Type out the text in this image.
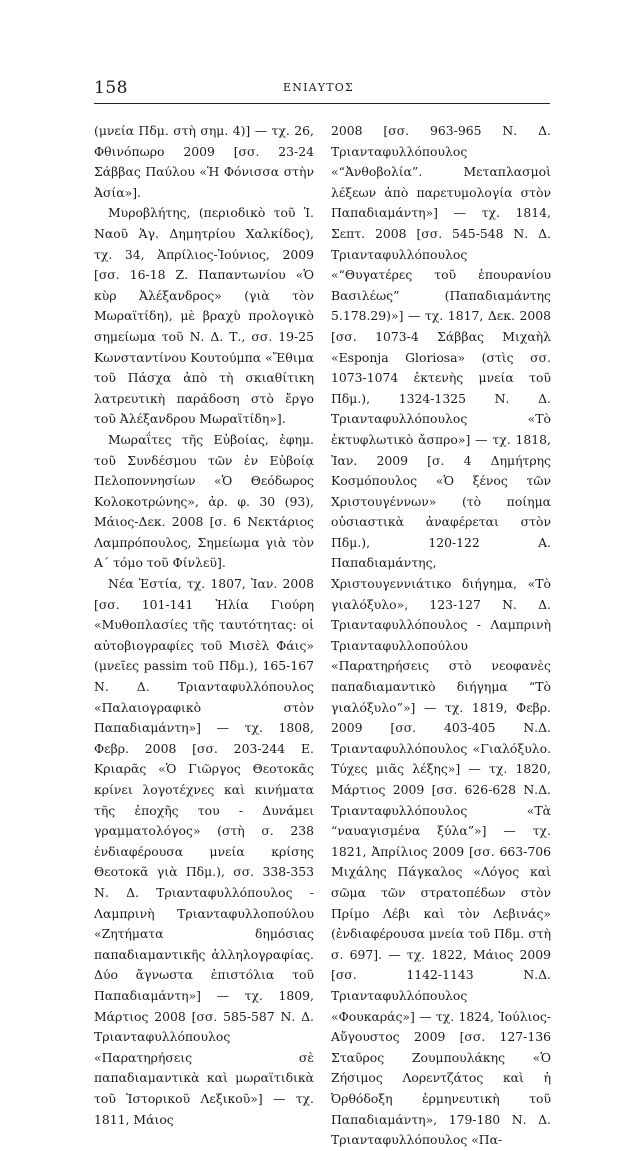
158	ΕΝΙΑΥΤΟΣ

(μνεία Πδμ. στὴ σημ. 4)] — τχ. 26, Φθινόπωρο 2009 [σσ. 23-24 Σάββας Παύλου «Ἡ Φόνισσα στὴν Ἀσία»].

Μυροβλήτης, (περιοδικὸ τοῦ Ἱ. Ναοῦ Ἁγ. Δημητρίου Χαλκίδος), τχ. 34, Ἀπρίλιος-Ἰούνιος, 2009 [σσ. 16-18 Ζ. Παπαντωνίου «Ὁ κὺρ Ἀλέξανδρος» (γιὰ τὸν Μωραϊτίδη), μὲ βραχὺ προλογικὸ σημείωμα τοῦ Ν. Δ. Τ., σσ. 19-25 Κωνσταντίνου Κουτούμπα «Ἔθιμα τοῦ Πάσχα ἀπὸ τὴ σκιαθίτικη λατρευτικὴ παράδοση στὸ ἔργο τοῦ Ἀλέξανδρου Μωραϊτίδη»].

Μωραΐτες τῆς Εὐβοίας, ἐφημ. τοῦ Συνδέσμου τῶν ἐν Εὐβοίᾳ Πελοποννησίων «Ὁ Θεόδωρος Κολοκοτρώνης», ἀρ. φ. 30 (93), Μάιος-Δεκ. 2008 [σ. 6 Νεκτάριος Λαμπρόπουλος, Σημείωμα γιὰ τὸν Α΄ τόμο τοῦ Φίνλεϋ].

Νέα Ἑστία, τχ. 1807, Ἰαν. 2008 [σσ. 101-141 Ἠλία Γιούρη «Μυθοπλασίες τῆς ταυτότητας: οἱ αὐτοβιογραφίες τοῦ Μισὲλ Φάις» (μνεῖες passim τοῦ Πδμ.), 165-167 Ν. Δ. Τριανταφυλλόπουλος «Παλαιογραφικὸ στὸν Παπαδιαμάντη»] — τχ. 1808, Φεβρ. 2008 [σσ. 203-244 Ε. Κριαρᾶς «Ὁ Γιῶργος Θεοτοκᾶς κρίνει λογοτέχνες καὶ κινήματα τῆς ἐποχῆς του - Δυνάμει γραμματολόγος» (στὴ σ. 238 ἐνδιαφέρουσα μνεία κρίσης Θεοτοκᾶ γιὰ Πδμ.), σσ. 338-353 Ν. Δ. Τριανταφυλλόπουλος - Λαμπρινὴ Τριανταφυλλοπούλου «Ζητήματα δημόσιας παπαδιαμαντικῆς ἀλληλογραφίας. Δύο ἄγνωστα ἐπιστόλια τοῦ Παπαδιαμάντη»] — τχ. 1809, Μάρτιος 2008 [σσ. 585-587 Ν. Δ. Τριανταφυλλόπουλος «Παρατηρήσεις σὲ παπαδιαμαντικὰ καὶ μωραϊτιδικὰ τοῦ Ἱστορικοῦ Λεξικοῦ»] — τχ. 1811, Μάιος

2008 [σσ. 963-965 Ν. Δ. Τριανταφυλλόπουλος «“Ἀνθοβολία”. Μεταπλασμοὶ λέξεων ἀπὸ παρετυμολογία στὸν Παπαδιαμάντη»] — τχ. 1814, Σεπτ. 2008 [σσ. 545-548 Ν. Δ. Τριανταφυλλόπουλος «“Θυγατέρες τοῦ ἐπουρανίου Βασιλέως” (Παπαδιαμάντης 5.178.29)»] — τχ. 1817, Δεκ. 2008 [σσ. 1073-4 Σάββας Μιχαὴλ «Esponja Gloriosa» (στὶς σσ. 1073-1074 ἐκτενὴς μνεία τοῦ Πδμ.), 1324-1325 Ν. Δ. Τριανταφυλλόπουλος «Τὸ ἐκτυφλωτικὸ ἄσπρο»] — τχ. 1818, Ἰαν. 2009 [σ. 4 Δημήτρης Κοσμόπουλος «Ὁ ξένος τῶν Χριστουγέννων» (τὸ ποίημα οὐσιαστικὰ ἀναφέρεται στὸν Πδμ.), 120-122 Α. Παπαδιαμάντης, Χριστουγεννιάτικο διήγημα, «Τὸ γιαλόξυλο», 123-127 Ν. Δ. Τριανταφυλλόπουλος - Λαμπρινὴ Τριανταφυλλοπούλου «Παρατηρήσεις στὸ νεοφανὲς παπαδιαμαντικὸ διήγημα “Τὸ γιαλόξυλο”»] — τχ. 1819, Φεβρ. 2009 [σσ. 403-405 Ν.Δ. Τριανταφυλλόπουλος «Γιαλόξυλο. Τύχες μιᾶς λέξης»] — τχ. 1820, Μάρτιος 2009 [σσ. 626-628 Ν.Δ. Τριανταφυλλόπουλος «Τὰ “ναυαγισμένα ξύλα”»] — τχ. 1821, Ἀπρίλιος 2009 [σσ. 663-706 Μιχάλης Πάγκαλος «Λόγος καὶ σῶμα τῶν στρατοπέδων στὸν Πρίμο Λέβι καὶ τὸν Λεβινάς» (ἐνδιαφέρουσα μνεία τοῦ Πδμ. στὴ σ. 697]. — τχ. 1822, Μάιος 2009 [σσ. 1142-1143 Ν.Δ. Τριανταφυλλόπουλος «Φουκαράς»] — τχ. 1824, Ἰούλιος-Αὔγουστος 2009 [σσ. 127-136 Σταῦρος Ζουμπουλάκης «Ὁ Ζήσιμος Λορεντζάτος καὶ ἡ Ὀρθόδοξη ἑρμηνευτικὴ τοῦ Παπαδιαμάντη», 179-180 Ν. Δ. Τριανταφυλλόπουλος «Πα-
